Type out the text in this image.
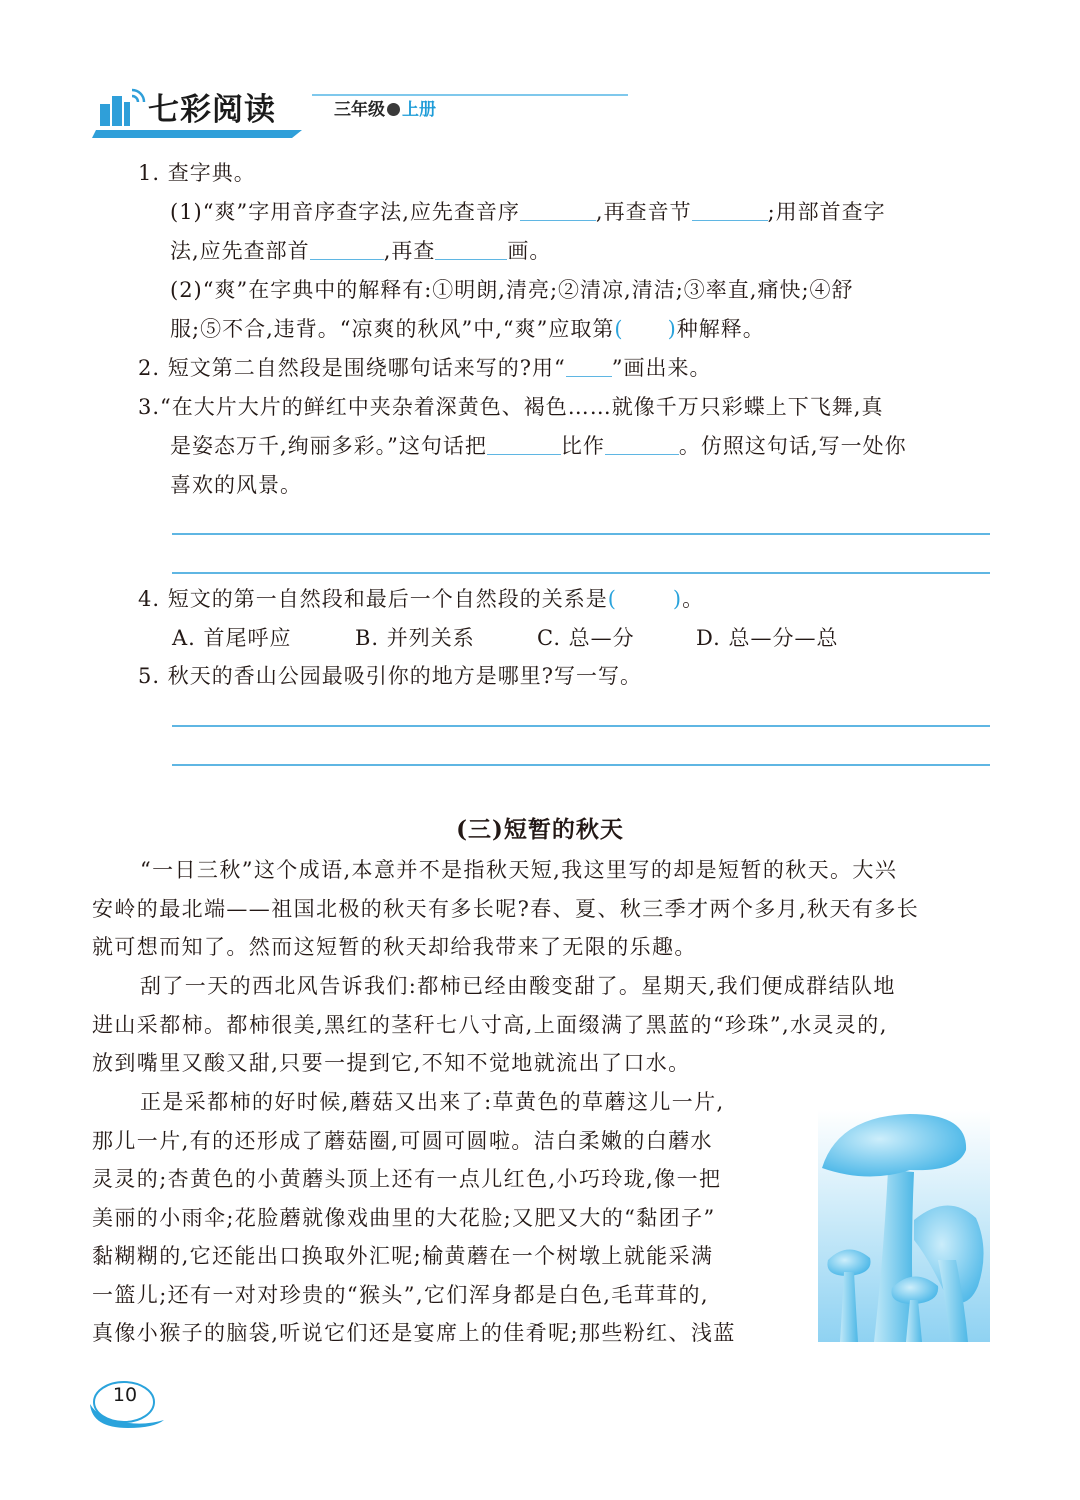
七彩阅读	三年级 上册
1. 查字典。
(1)“爽”字用音序查字法,应先查音序	,再查音节	;用部首查字
法,应先查部首	,再查	画。
(2)“爽”在字典中的解释有:①明朗,清亮;②清凉,清洁;③率直,痛快;④舒
服;⑤不合,违背。“凉爽的秋风”中,“爽”应取第( )种解释。
2. 短文第二自然段是围绕哪句话来写的?用“ ”画出来。
3.“在大片大片的鲜红中夹杂着深黄色、褐色……就像千万只彩蝶上下飞舞,真
是姿态万千,绚丽多彩。”这句话把	比作	。仿照这句话,写一处你
喜欢的风景。
4. 短文的第一自然段和最后一个自然段的关系是(	)。
A. 首尾呼应	B. 并列关系	C. 总—分	D. 总—分—总
5. 秋天的香山公园最吸引你的地方是哪里?写一写。
(三)短暂的秋天
“一日三秋”这个成语,本意并不是指秋天短,我这里写的却是短暂的秋天。大兴
安岭的最北端——祖国北极的秋天有多长呢?春、夏、秋三季才两个多月,秋天有多长
就可想而知了。然而这短暂的秋天却给我带来了无限的乐趣。
刮了一天的西北风告诉我们:都柿已经由酸变甜了。星期天,我们便成群结队地
进山采都柿。都柿很美,黑红的茎秆七八寸高,上面缀满了黑蓝的“珍珠”,水灵灵的,
放到嘴里又酸又甜,只要一提到它,不知不觉地就流出了口水。
正是采都柿的好时候,蘑菇又出来了:草黄色的草蘑这儿一片,
那儿一片,有的还形成了蘑菇圈,可圆可圆啦。洁白柔嫩的白蘑水
灵灵的;杏黄色的小黄蘑头顶上还有一点儿红色,小巧玲珑,像一把
美丽的小雨伞;花脸蘑就像戏曲里的大花脸;又肥又大的“黏团子”
黏糊糊的,它还能出口换取外汇呢;榆黄蘑在一个树墩上就能采满
一篮儿;还有一对对珍贵的“猴头”,它们浑身都是白色,毛茸茸的,
真像小猴子的脑袋,听说它们还是宴席上的佳肴呢;那些粉红、浅蓝
10
